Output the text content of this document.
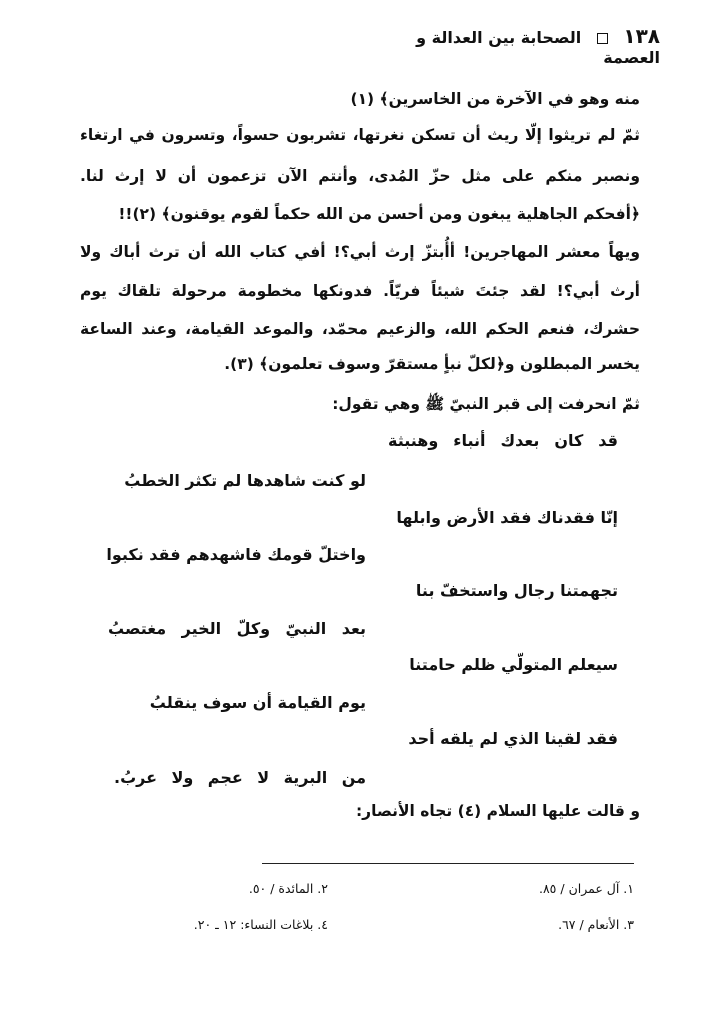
١٣٨  الصحابة بين العدالة و العصمة
منه وهو في الآخرة من الخاسرين﴾ (١)
ثمّ لم تريثوا إلّا ريث أن تسكن نغرتها، تشربون حسواً، وتسرون في ارتغاء
ونصبر منكم على مثل حزّ المُدى، وأنتم الآن تزعمون أن لا إرث لنا.
﴿أفحكم الجاهلية يبغون ومن أحسن من الله حكماً لقوم يوقنون﴾ (٢)!!
ويهاً معشر المهاجرين! أأُبتزّ إرث أبي؟! أفي كتاب الله أن ترث أباك ولا
أرث أبي؟! لقد جئتَ شيئاً فريّاً. فدونكها مخطومة مرحولة تلقاك يوم
حشرك، فنعم الحكم الله، والزعيم محمّد، والموعد القيامة، وعند الساعة
يخسر المبطلون و﴿لكلّ نبأٍ مستقرّ وسوف تعلمون﴾ (٣).
ثمّ انحرفت إلى قبر النبيّ ﷺ وهي تقول:
قد كان بعدك أنباء وهنبثة
لو كنت شاهدها لم تكثر الخطبُ
إنّا فقدناك فقد الأرض وابلها
واختلّ قومك فاشهدهم فقد نكبوا
تجهمتنا رجال واستخفّ بنا
بعد النبيّ وكلّ الخير مغتصبُ
سيعلم المتولّي ظلم حامتنا
يوم القيامة أن سوف ينقلبُ
فقد لقينا الذي لم يلقه أحد
من البرية لا عجم ولا عربُ.
و قالت عليها السلام (٤) تجاه الأنصار:
١. آل عمران / ٨٥.
٢. المائدة / ٥٠.
٣. الأنعام / ٦٧.
٤. بلاغات النساء: ١٢ ـ ٢٠.
